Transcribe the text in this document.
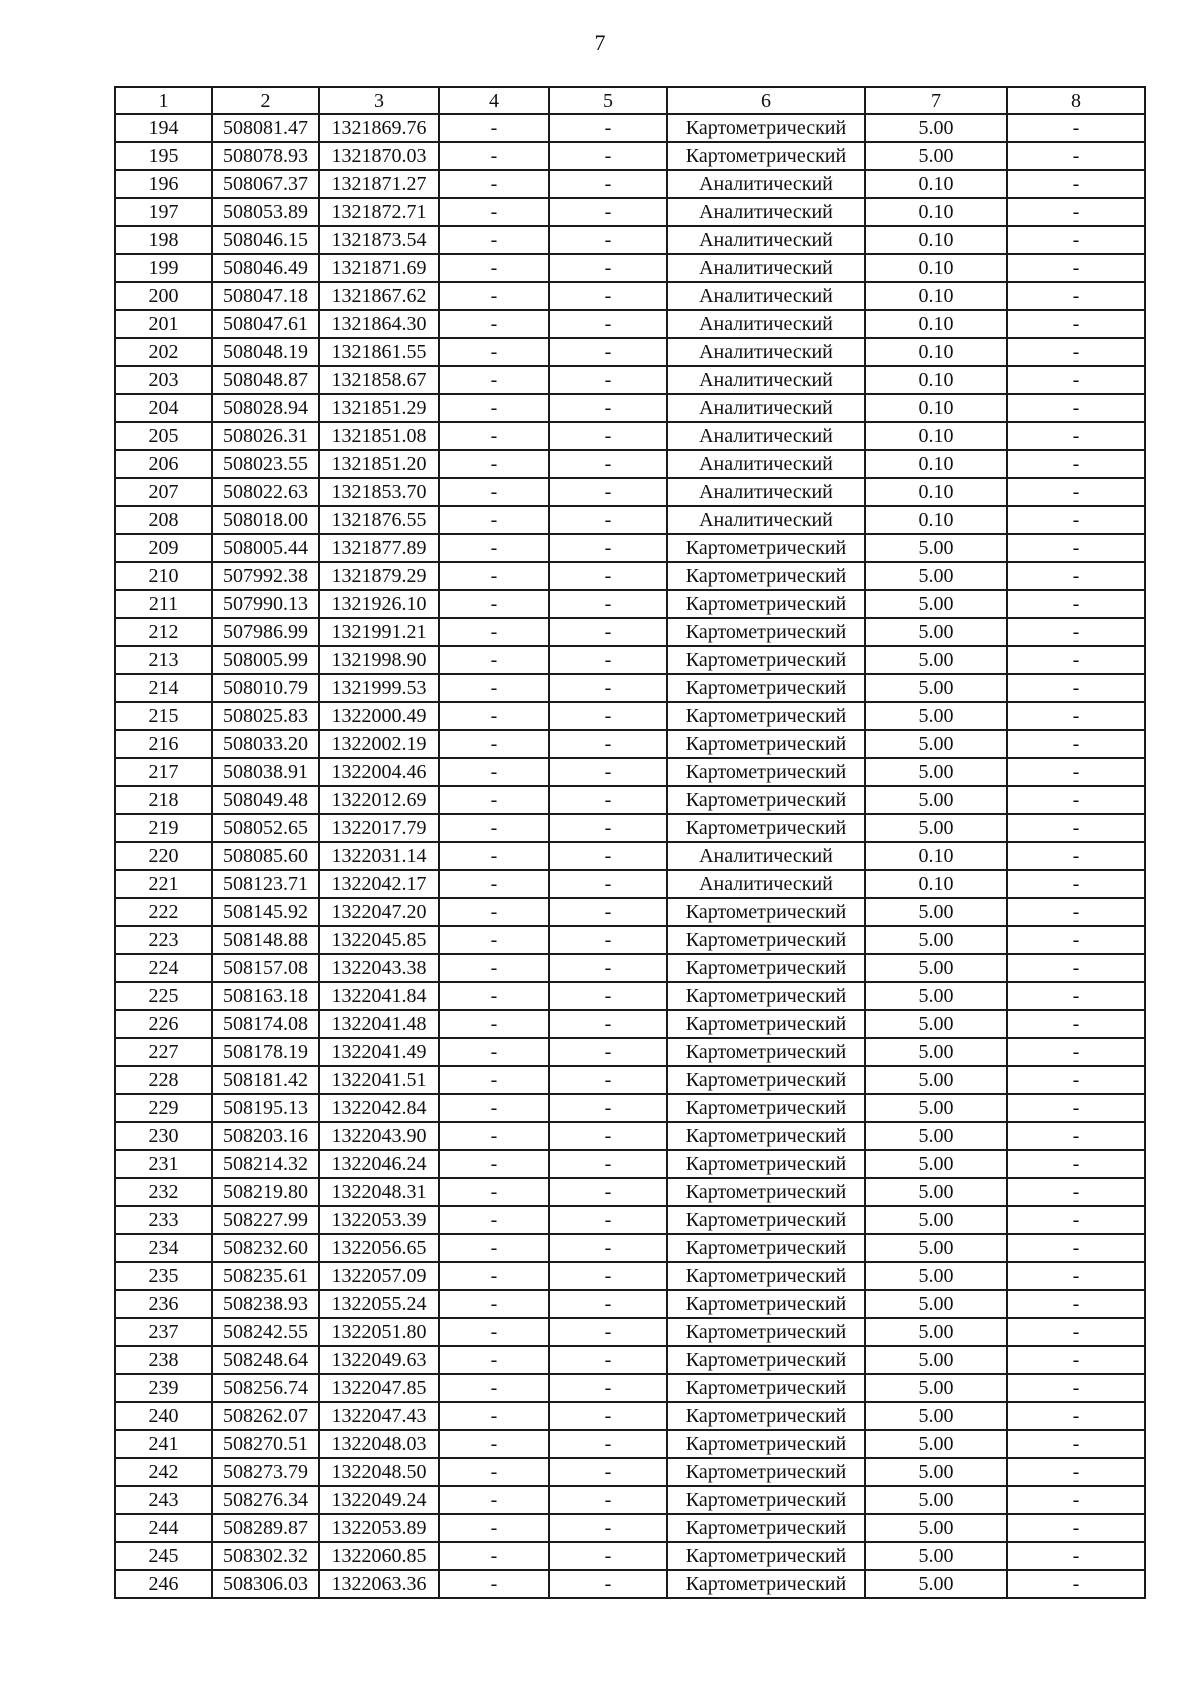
7
1	2	3	4	5	6	7	8
194	508081.47	1321869.76	-	-	Картометрический	5.00	-
195	508078.93	1321870.03	-	-	Картометрический	5.00	-
196	508067.37	1321871.27	-	-	Аналитический	0.10	-
197	508053.89	1321872.71	-	-	Аналитический	0.10	-
198	508046.15	1321873.54	-	-	Аналитический	0.10	-
199	508046.49	1321871.69	-	-	Аналитический	0.10	-
200	508047.18	1321867.62	-	-	Аналитический	0.10	-
201	508047.61	1321864.30	-	-	Аналитический	0.10	-
202	508048.19	1321861.55	-	-	Аналитический	0.10	-
203	508048.87	1321858.67	-	-	Аналитический	0.10	-
204	508028.94	1321851.29	-	-	Аналитический	0.10	-
205	508026.31	1321851.08	-	-	Аналитический	0.10	-
206	508023.55	1321851.20	-	-	Аналитический	0.10	-
207	508022.63	1321853.70	-	-	Аналитический	0.10	-
208	508018.00	1321876.55	-	-	Аналитический	0.10	-
209	508005.44	1321877.89	-	-	Картометрический	5.00	-
210	507992.38	1321879.29	-	-	Картометрический	5.00	-
211	507990.13	1321926.10	-	-	Картометрический	5.00	-
212	507986.99	1321991.21	-	-	Картометрический	5.00	-
213	508005.99	1321998.90	-	-	Картометрический	5.00	-
214	508010.79	1321999.53	-	-	Картометрический	5.00	-
215	508025.83	1322000.49	-	-	Картометрический	5.00	-
216	508033.20	1322002.19	-	-	Картометрический	5.00	-
217	508038.91	1322004.46	-	-	Картометрический	5.00	-
218	508049.48	1322012.69	-	-	Картометрический	5.00	-
219	508052.65	1322017.79	-	-	Картометрический	5.00	-
220	508085.60	1322031.14	-	-	Аналитический	0.10	-
221	508123.71	1322042.17	-	-	Аналитический	0.10	-
222	508145.92	1322047.20	-	-	Картометрический	5.00	-
223	508148.88	1322045.85	-	-	Картометрический	5.00	-
224	508157.08	1322043.38	-	-	Картометрический	5.00	-
225	508163.18	1322041.84	-	-	Картометрический	5.00	-
226	508174.08	1322041.48	-	-	Картометрический	5.00	-
227	508178.19	1322041.49	-	-	Картометрический	5.00	-
228	508181.42	1322041.51	-	-	Картометрический	5.00	-
229	508195.13	1322042.84	-	-	Картометрический	5.00	-
230	508203.16	1322043.90	-	-	Картометрический	5.00	-
231	508214.32	1322046.24	-	-	Картометрический	5.00	-
232	508219.80	1322048.31	-	-	Картометрический	5.00	-
233	508227.99	1322053.39	-	-	Картометрический	5.00	-
234	508232.60	1322056.65	-	-	Картометрический	5.00	-
235	508235.61	1322057.09	-	-	Картометрический	5.00	-
236	508238.93	1322055.24	-	-	Картометрический	5.00	-
237	508242.55	1322051.80	-	-	Картометрический	5.00	-
238	508248.64	1322049.63	-	-	Картометрический	5.00	-
239	508256.74	1322047.85	-	-	Картометрический	5.00	-
240	508262.07	1322047.43	-	-	Картометрический	5.00	-
241	508270.51	1322048.03	-	-	Картометрический	5.00	-
242	508273.79	1322048.50	-	-	Картометрический	5.00	-
243	508276.34	1322049.24	-	-	Картометрический	5.00	-
244	508289.87	1322053.89	-	-	Картометрический	5.00	-
245	508302.32	1322060.85	-	-	Картометрический	5.00	-
246	508306.03	1322063.36	-	-	Картометрический	5.00	-
